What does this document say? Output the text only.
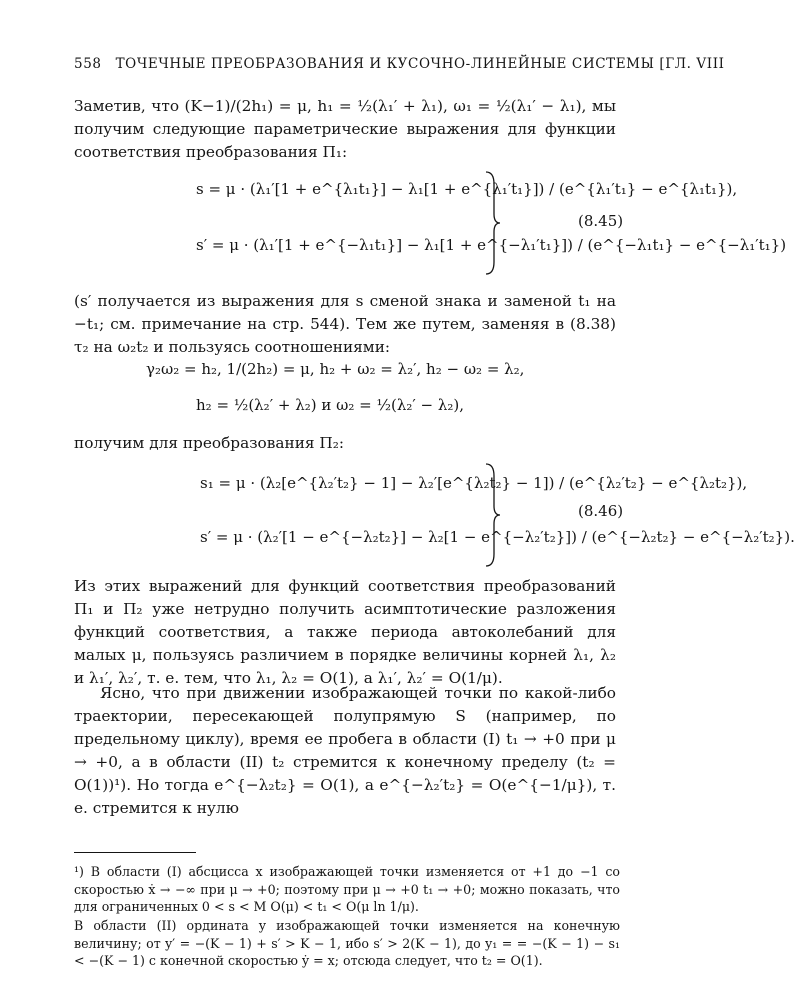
558 ТОЧЕЧНЫЕ ПРЕОБРАЗОВАНИЯ И КУСОЧНО-ЛИНЕЙНЫЕ СИСТЕМЫ [ГЛ. VIII
Заметив, что (K−1)/(2h₁) = μ, h₁ = ½(λ₁′ + λ₁), ω₁ = ½(λ₁′ − λ₁), мы получим следующие параметрические выражения для функции соответствия преобразования Π₁:
s = μ · (λ₁′[1 + e^{λ₁t₁}] − λ₁[1 + e^{λ₁′t₁}]) / (e^{λ₁′t₁} − e^{λ₁t₁}),
s′ = μ · (λ₁′[1 + e^{−λ₁t₁}] − λ₁[1 + e^{−λ₁′t₁}]) / (e^{−λ₁t₁} − e^{−λ₁′t₁})
(8.45)
(s′ получается из выражения для s сменой знака и заменой t₁ на −t₁; см. примечание на стр. 544). Тем же путем, заменяя в (8.38) τ₂ на ω₂t₂ и пользуясь соотношениями:
γ₂ω₂ = h₂, 1/(2h₂) = μ, h₂ + ω₂ = λ₂′, h₂ − ω₂ = λ₂,
h₂ = ½(λ₂′ + λ₂) и ω₂ = ½(λ₂′ − λ₂),
получим для преобразования Π₂:
s₁ = μ · (λ₂[e^{λ₂′t₂} − 1] − λ₂′[e^{λ₂t₂} − 1]) / (e^{λ₂′t₂} − e^{λ₂t₂}),
s′ = μ · (λ₂′[1 − e^{−λ₂t₂}] − λ₂[1 − e^{−λ₂′t₂}]) / (e^{−λ₂t₂} − e^{−λ₂′t₂}).
(8.46)
Из этих выражений для функций соответствия преобразований Π₁ и Π₂ уже нетрудно получить асимптотические разложения функций соответствия, а также периода автоколебаний для малых μ, пользуясь различием в порядке величины корней λ₁, λ₂ и λ₁′, λ₂′, т. е. тем, что λ₁, λ₂ = O(1), а λ₁′, λ₂′ = O(1/μ).
Ясно, что при движении изображающей точки по какой-либо траектории, пересекающей полупрямую S (например, по предельному циклу), время ее пробега в области (I) t₁ → +0 при μ → +0, а в области (II) t₂ стремится к конечному пределу (t₂ = O(1))¹). Но тогда e^{−λ₂t₂} = O(1), а e^{−λ₂′t₂} = O(e^{−1/μ}), т. е. стремится к нулю
¹) В области (I) абсцисса x изображающей точки изменяется от +1 до −1 со скоростью ẋ → −∞ при μ → +0; поэтому при μ → +0 t₁ → +0; можно показать, что для ограниченных 0 < s < M O(μ) < t₁ < O(μ ln 1/μ).
В области (II) ордината y изображающей точки изменяется на конечную величину; от y′ = −(K − 1) + s′ > K − 1, ибо s′ > 2(K − 1), до y₁ = = −(K − 1) − s₁ < −(K − 1) с конечной скоростью ẏ = x; отсюда следует, что t₂ = O(1).
